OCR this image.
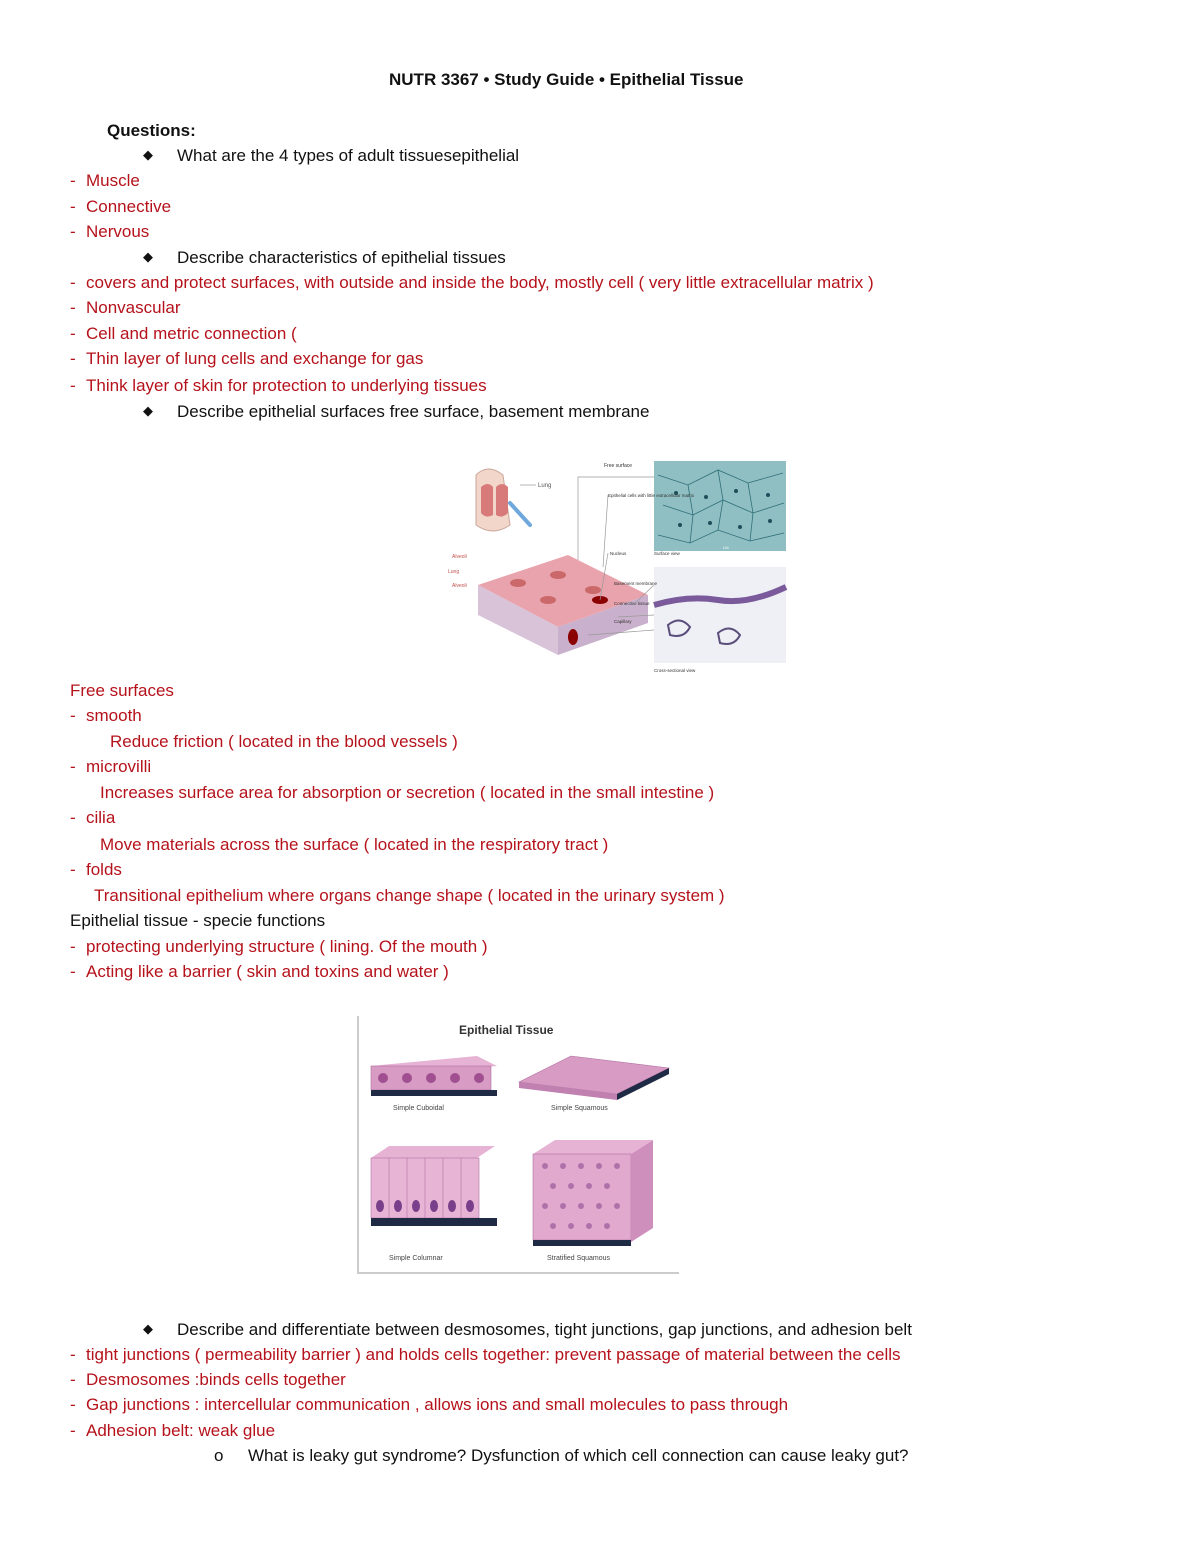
NUTR 3367 • Study Guide • Epithelial Tissue
Questions:
◆ What are the 4 types of adult tissuesepithelial
- Muscle
- Connective
- Nervous
◆ Describe characteristics of epithelial tissues
- covers and protect surfaces, with outside and inside the body, mostly cell ( very little extracellular matrix )
- Nonvascular
- Cell and metric connection (
- Thin layer of lung cells and exchange for gas
- Think layer of skin for protection to underlying tissues
◆ Describe epithelial surfaces free surface, basement membrane
Lung
LM
Alveoli
Lung
Alveoli
Free surface
Epithelial cells with little extracellular matrix
Nucleus	Surface view
Basement membrane
Connective tissue
Capillary
Cross-sectional view
Free surfaces
- smooth
Reduce friction ( located in the blood vessels )
- microvilli
Increases surface area for absorption or secretion ( located in the small intestine )
- cilia
Move materials across the surface ( located in the respiratory tract )
- folds
Transitional epithelium where organs change shape ( located in the urinary system )
Epithelial tissue - specie functions
- protecting underlying structure ( lining. Of the mouth )
- Acting like a barrier ( skin and toxins and water )
Epithelial Tissue
Simple Cuboidal	Simple Squamous
Simple Columnar	Stratified Squamous
◆ Describe and differentiate between desmosomes, tight junctions, gap junctions, and adhesion belt
- tight junctions ( permeability barrier ) and holds cells together: prevent passage of material between the cells
- Desmosomes :binds cells together
- Gap junctions : intercellular communication , allows ions and small molecules to pass through
- Adhesion belt: weak glue
o What is leaky gut syndrome? Dysfunction of which cell connection can cause leaky gut?
